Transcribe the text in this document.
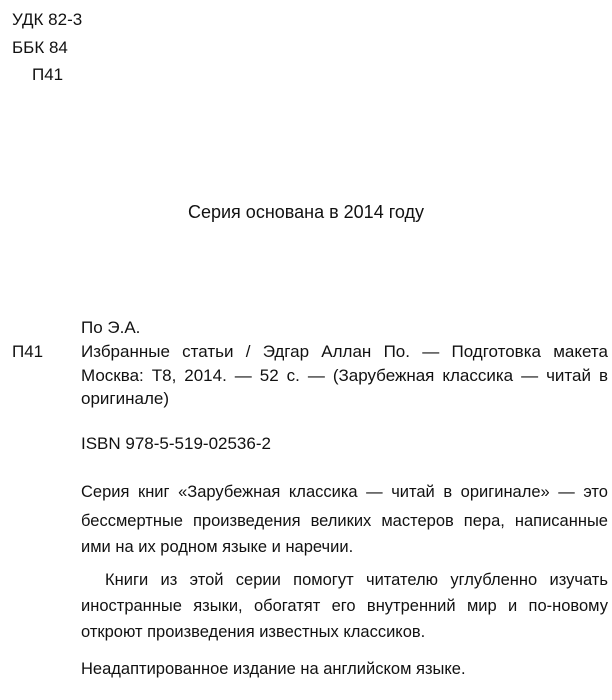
УДК 82-3
ББК 84
П41
Серия основана в 2014 году
По Э.А.
П41 Избранные статьи / Эдгар Аллан По. — Подготовка макета
Москва: Т8, 2014. — 52 с. — (Зарубежная классика — читай в
оригинале)
ISBN 978-5-519-02536-2
Серия книг «Зарубежная классика — читай в оригинале» — это
бессмертные произведения великих мастеров пера, написанные
ими на их родном языке и наречии.
Книги из этой серии помогут читателю углубленно изучать
иностранные языки, обогатят его внутренний мир и по-новому
откроют произведения известных классиков.
Неадаптированное издание на английском языке.
